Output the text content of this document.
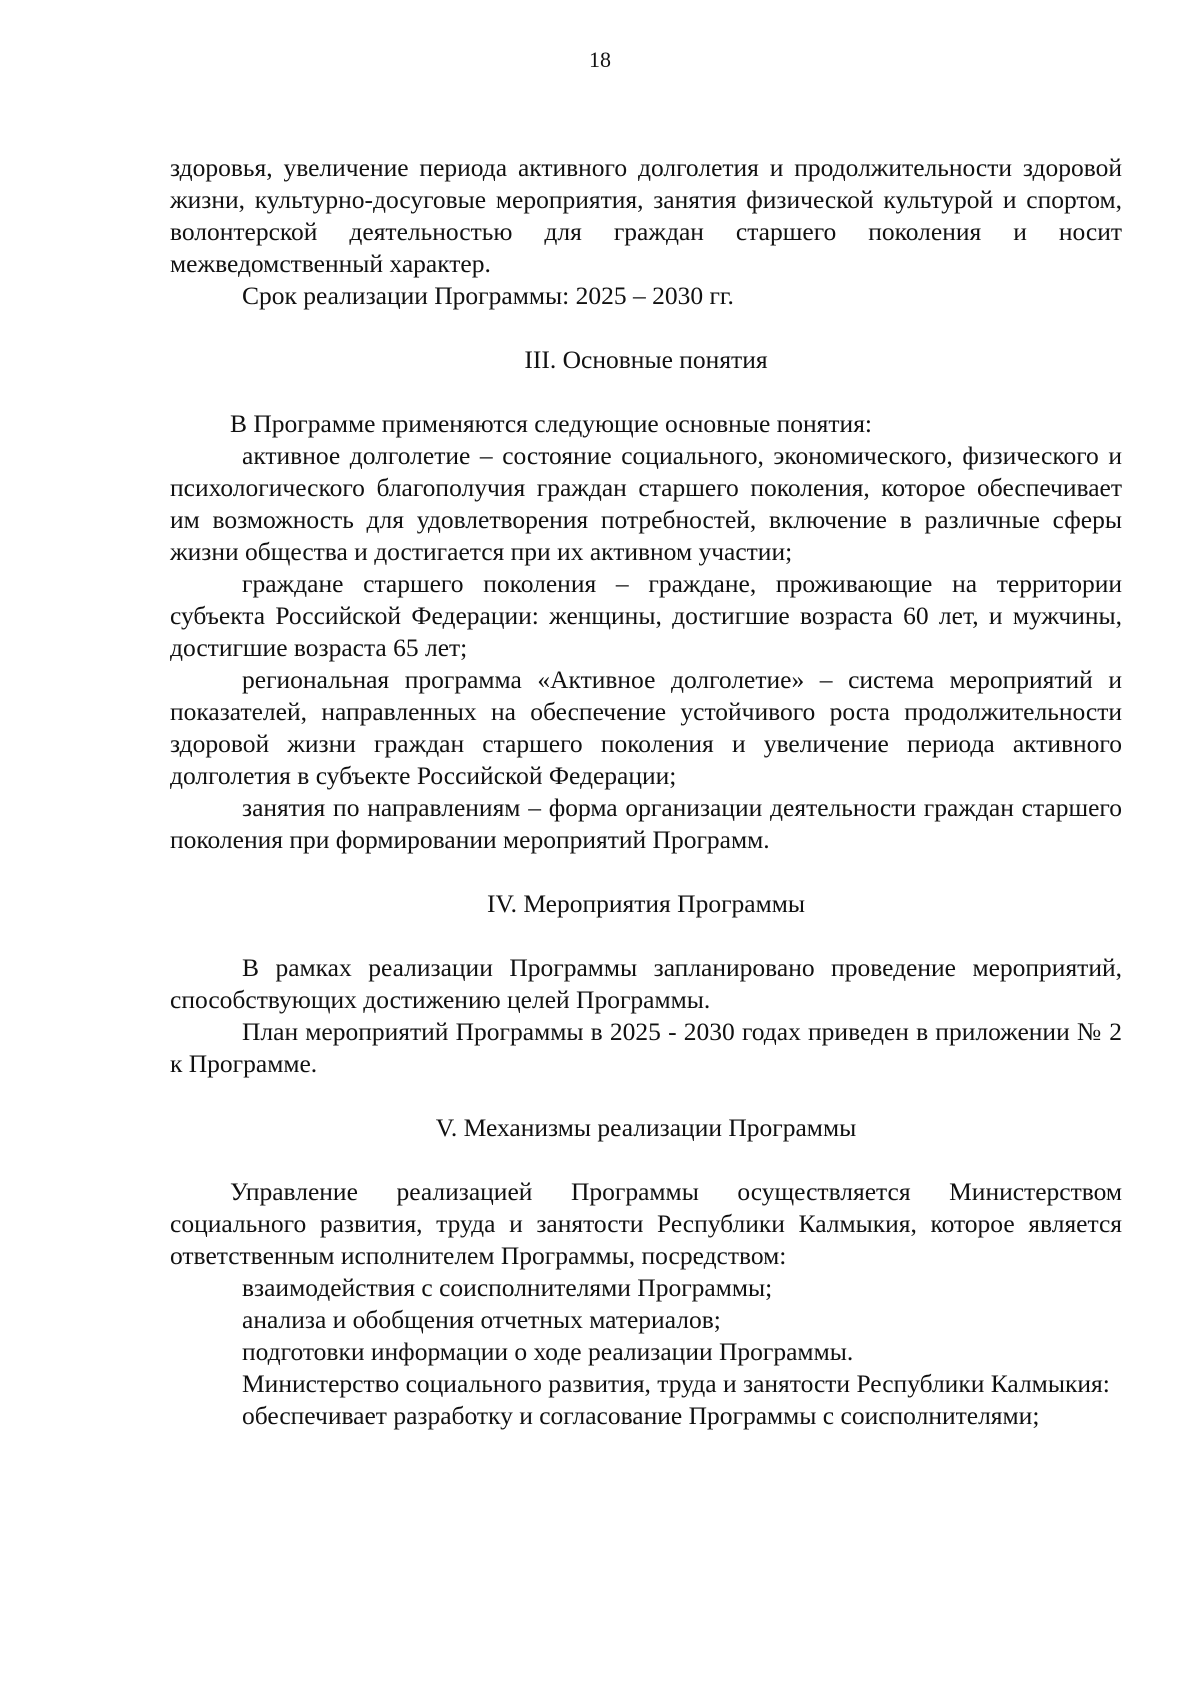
18

здоровья, увеличение периода активного долголетия и продолжительности здоровой жизни, культурно-досуговые мероприятия, занятия физической культурой и спортом, волонтерской деятельностью для граждан старшего поколения и носит межведомственный характер.

Срок реализации Программы: 2025 – 2030 гг.

III. Основные понятия

В Программе применяются следующие основные понятия:

активное долголетие – состояние социального, экономического, физического и психологического благополучия граждан старшего поколения, которое обеспечивает им возможность для удовлетворения потребностей, включение в различные сферы жизни общества и достигается при их активном участии;

граждане старшего поколения – граждане, проживающие на территории субъекта Российской Федерации: женщины, достигшие возраста 60 лет, и мужчины, достигшие возраста 65 лет;

региональная программа «Активное долголетие» – система мероприятий и показателей, направленных на обеспечение устойчивого роста продолжительности здоровой жизни граждан старшего поколения и увеличение периода активного долголетия в субъекте Российской Федерации;

занятия по направлениям – форма организации деятельности граждан старшего поколения при формировании мероприятий Программ.

IV. Мероприятия Программы

В рамках реализации Программы запланировано проведение мероприятий, способствующих достижению целей Программы.

План мероприятий Программы в 2025 - 2030 годах приведен в приложении № 2 к Программе.

V. Механизмы реализации Программы

Управление реализацией Программы осуществляется Министерством социального развития, труда и занятости Республики Калмыкия, которое является ответственным исполнителем Программы, посредством:

взаимодействия с соисполнителями Программы;

анализа и обобщения отчетных материалов;

подготовки информации о ходе реализации Программы.

Министерство социального развития, труда и занятости Республики Калмыкия:

обеспечивает разработку и согласование Программы с соисполнителями;
